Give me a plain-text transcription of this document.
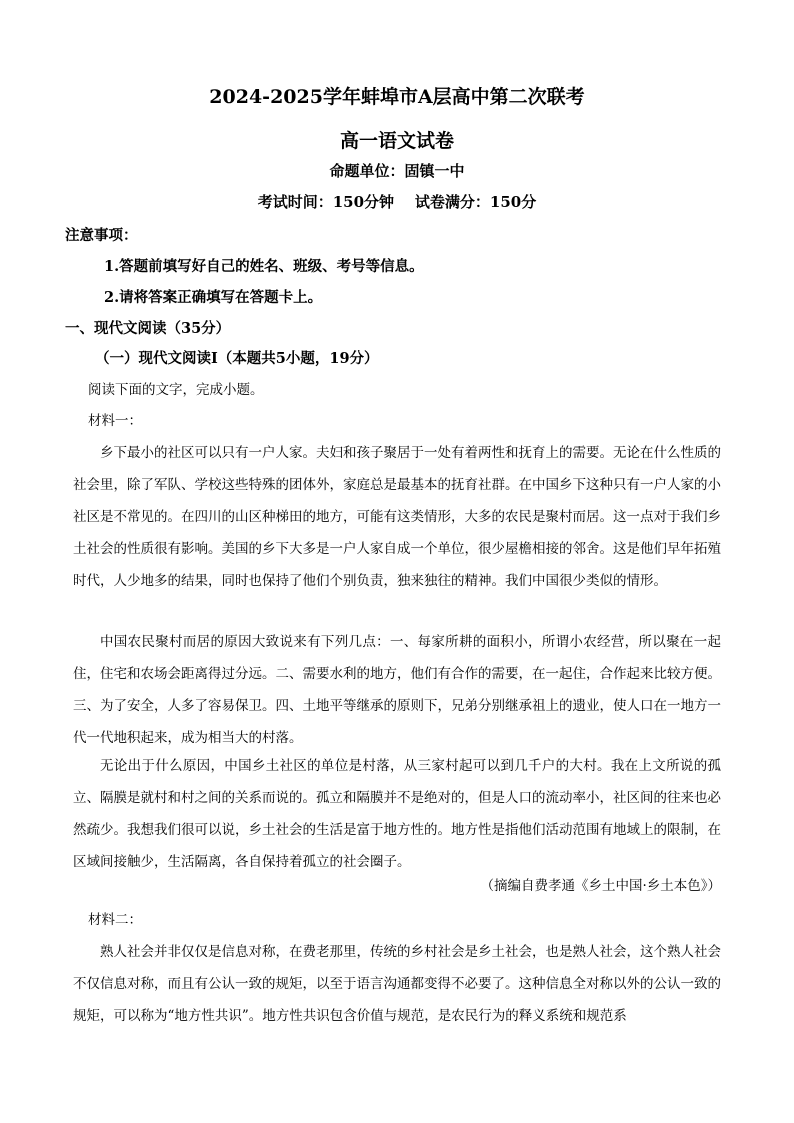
2024-2025学年蚌埠市A层高中第二次联考
高一语文试卷
命题单位：固镇一中
考试时间：150分钟    试卷满分：150分
注意事项：
1.答题前填写好自己的姓名、班级、考号等信息。
2.请将答案正确填写在答题卡上。
一、现代文阅读（35分）
（一）现代文阅读Ⅰ（本题共5小题，19分）
阅读下面的文字，完成小题。
材料一：

乡下最小的社区可以只有一户人家。夫妇和孩子聚居于一处有着两性和抚育上的需要。无论在什么性质的社会里，除了军队、学校这些特殊的团体外，家庭总是最基本的抚育社群。在中国乡下这种只有一户人家的小社区是不常见的。在四川的山区种梯田的地方，可能有这类情形，大多的农民是聚村而居。这一点对于我们乡土社会的性质很有影响。美国的乡下大多是一户人家自成一个单位，很少屋檐相接的邻舍。这是他们早年拓殖时代，人少地多的结果，同时也保持了他们个别负责，独来独往的精神。我们中国很少类似的情形。

中国农民聚村而居的原因大致说来有下列几点：一、每家所耕的面积小，所谓小农经营，所以聚在一起住，住宅和农场会距离得过分远。二、需要水利的地方，他们有合作的需要，在一起住，合作起来比较方便。三、为了安全，人多了容易保卫。四、土地平等继承的原则下，兄弟分别继承祖上的遗业，使人口在一地方一代一代地积起来，成为相当大的村落。

无论出于什么原因，中国乡土社区的单位是村落，从三家村起可以到几千户的大村。我在上文所说的孤立、隔膜是就村和村之间的关系而说的。孤立和隔膜并不是绝对的，但是人口的流动率小，社区间的往来也必然疏少。我想我们很可以说，乡土社会的生活是富于地方性的。地方性是指他们活动范围有地域上的限制，在区域间接触少，生活隔离，各自保持着孤立的社会圈子。

（摘编自费孝通《乡土中国·乡土本色》）
材料二：

熟人社会并非仅仅是信息对称，在费老那里，传统的乡村社会是乡土社会，也是熟人社会，这个熟人社会不仅信息对称，而且有公认一致的规矩，以至于语言沟通都变得不必要了。这种信息全对称以外的公认一致的规矩，可以称为“地方性共识”。地方性共识包含价值与规范，是农民行为的释义系统和规范系
